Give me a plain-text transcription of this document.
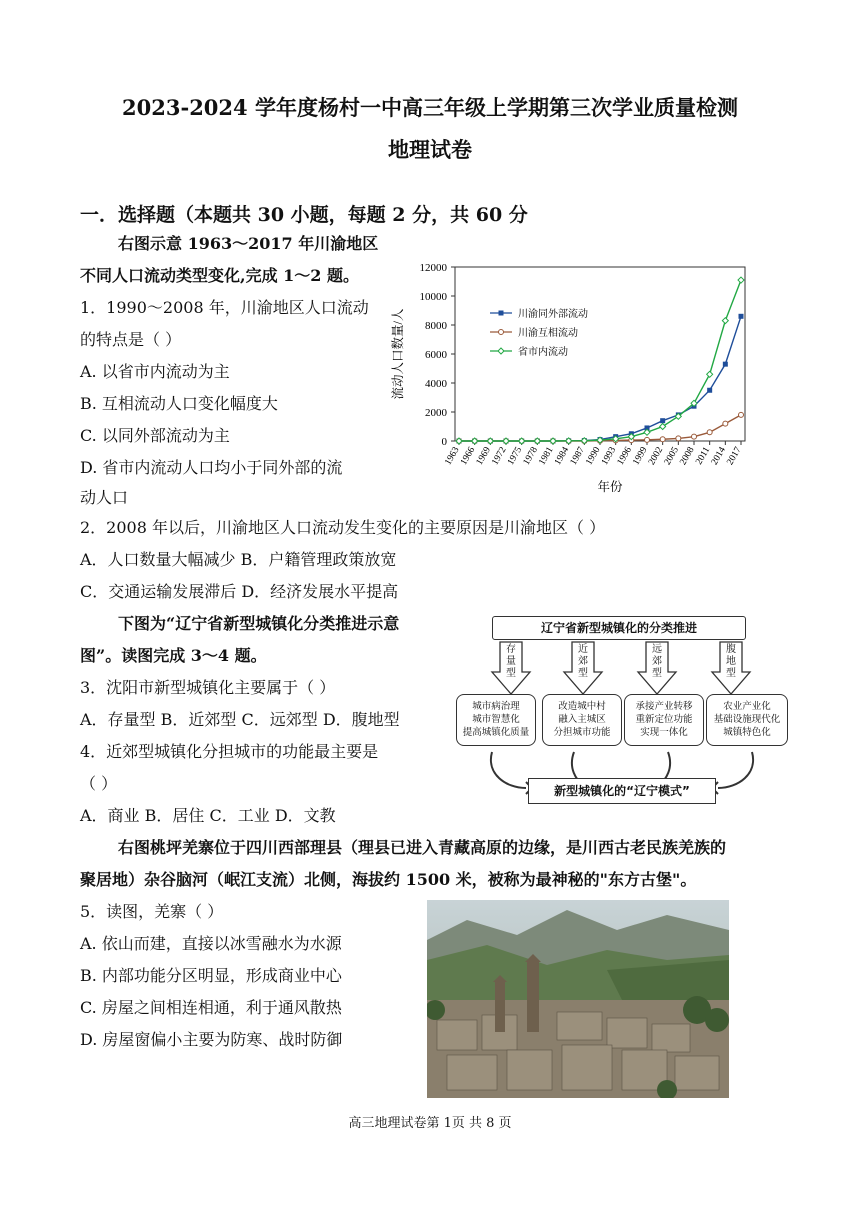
2023-2024 学年度杨村一中高三年级上学期第三次学业质量检测
地理试卷
一．选择题（本题共 30 小题，每题 2 分，共 60 分
右图示意 1963～2017 年川渝地区
不同人口流动类型变化,完成 1～2 题。
1．1990～2008 年，川渝地区人口流动
的特点是（ ）
A. 以省市内流动为主
B. 互相流动人口变化幅度大
C. 以同外部流动为主
D. 省市内流动人口均小于同外部的流
动人口
2．2008 年以后，川渝地区人口流动发生变化的主要原因是川渝地区（ ）
A．人口数量大幅减少 B．户籍管理政策放宽
C．交通运输发展滞后 D．经济发展水平提高
下图为“辽宁省新型城镇化分类推进示意
图”。读图完成 3～4 题。
3．沈阳市新型城镇化主要属于（ ）
A．存量型 B．近郊型 C．远郊型 D．腹地型
4．近郊型城镇化分担城市的功能最主要是
（ ）
A．商业 B．居住 C．工业 D．文教
右图桃坪羌寨位于四川西部理县（理县已进入青藏高原的边缘，是川西古老民族羌族的
聚居地）杂谷脑河（岷江支流）北侧，海拔约 1500 米，被称为最神秘的"东方古堡"。
5．读图，羌寨（ ）
A. 依山而建，直接以冰雪融水为水源
B. 内部功能分区明显，形成商业中心
C. 房屋之间相连相通，利于通风散热
D. 房屋窗偏小主要为防寒、战时防御
0
2000
4000
6000
8000
10000
12000
1963
1966
1969
1972
1975
1978
1981
1984
1987
1990
1993
1996
1999
2002
2005
2008
2011
2014
2017
流动人口数量/人
年份
川渝同外部流动
川渝互相流动
省市内流动
辽宁省新型城镇化的分类推进
存量型
近郊型
远郊型
腹地型
城市病治理
城市智慧化
提高城镇化质量
改造城中村
融入主城区
分担城市功能
承接产业转移
重新定位功能
实现一体化
农业产业化
基础设施现代化
城镇特色化
新型城镇化的“辽宁模式”
高三地理试卷第 1页 共 8 页
